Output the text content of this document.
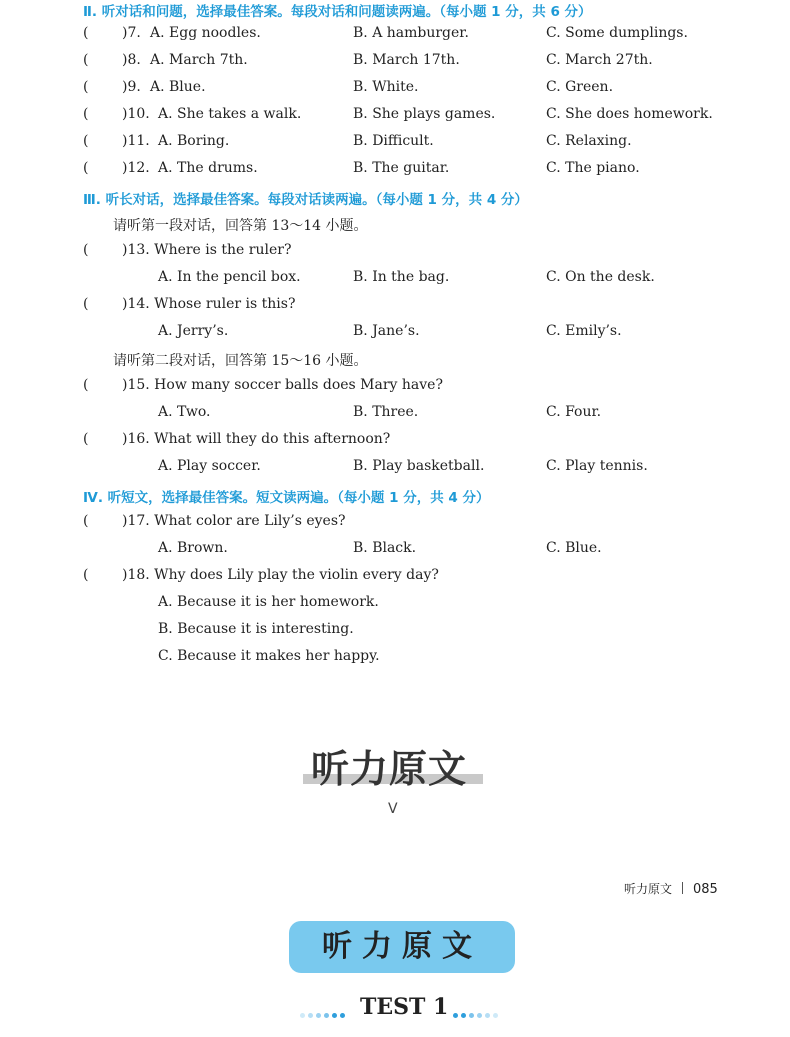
Ⅱ. 听对话和问题，选择最佳答案。每段对话和问题读两遍。（每小题 1 分，共 6 分）
( )7. A. Egg noodles.	B. A hamburger.	C. Some dumplings.
( )8. A. March 7th.	B. March 17th.	C. March 27th.
( )9. A. Blue.	B. White.	C. Green.
( )10. A. She takes a walk.	B. She plays games.	C. She does homework.
( )11. A. Boring.	B. Difficult.	C. Relaxing.
( )12. A. The drums.	B. The guitar.	C. The piano.
Ⅲ. 听长对话，选择最佳答案。每段对话读两遍。（每小题 1 分，共 4 分）
请听第一段对话，回答第 13～14 小题。
( )13. Where is the ruler?
A. In the pencil box.	B. In the bag.	C. On the desk.
( )14. Whose ruler is this?
A. Jerry’s.	B. Jane’s.	C. Emily’s.
请听第二段对话，回答第 15～16 小题。
( )15. How many soccer balls does Mary have?
A. Two.	B. Three.	C. Four.
( )16. What will they do this afternoon?
A. Play soccer.	B. Play basketball.	C. Play tennis.
Ⅳ. 听短文，选择最佳答案。短文读两遍。（每小题 1 分，共 4 分）
( )17. What color are Lily’s eyes?
A. Brown.	B. Black.	C. Blue.
( )18. Why does Lily play the violin every day?
A. Because it is her homework.
B. Because it is interesting.
C. Because it makes her happy.
听力原文
V
听力原文 085
听力原文
TEST 1
